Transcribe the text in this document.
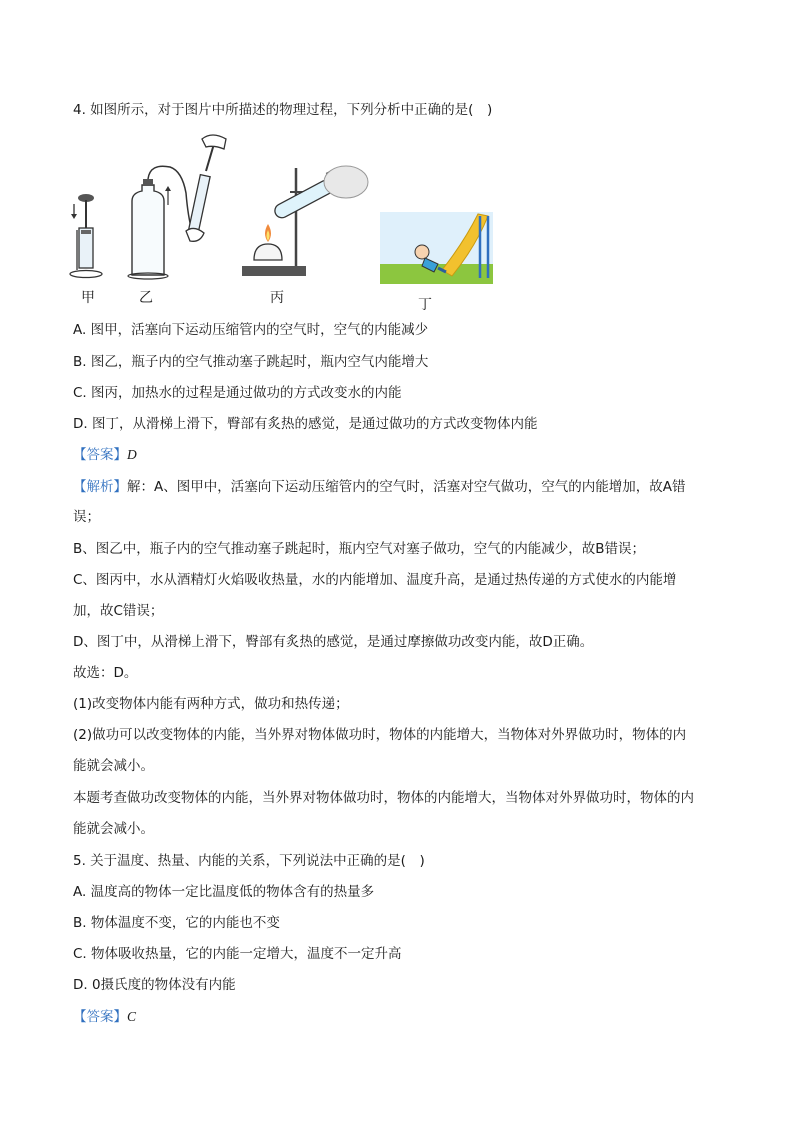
4. 如图所示，对于图片中所描述的物理过程，下列分析中正确的是(　)
甲	乙	丙	丁
A. 图甲，活塞向下运动压缩管内的空气时，空气的内能减少
B. 图乙，瓶子内的空气推动塞子跳起时，瓶内空气内能增大
C. 图丙，加热水的过程是通过做功的方式改变水的内能
D. 图丁，从滑梯上滑下，臀部有炙热的感觉，是通过做功的方式改变物体内能
【答案】D
【解析】解：A、图甲中，活塞向下运动压缩管内的空气时，活塞对空气做功，空气的内能增加，故A错
误；
B、图乙中，瓶子内的空气推动塞子跳起时，瓶内空气对塞子做功，空气的内能减少，故B错误；
C、图丙中，水从酒精灯火焰吸收热量，水的内能增加、温度升高，是通过热传递的方式使水的内能增
加，故C错误；
D、图丁中，从滑梯上滑下，臀部有炙热的感觉，是通过摩擦做功改变内能，故D正确。
故选：D。
(1)改变物体内能有两种方式，做功和热传递；
(2)做功可以改变物体的内能，当外界对物体做功时，物体的内能增大，当物体对外界做功时，物体的内
能就会减小。
本题考查做功改变物体的内能，当外界对物体做功时，物体的内能增大，当物体对外界做功时，物体的内
能就会减小。
5. 关于温度、热量、内能的关系，下列说法中正确的是(　)
A. 温度高的物体一定比温度低的物体含有的热量多
B. 物体温度不变，它的内能也不变
C. 物体吸收热量，它的内能一定增大，温度不一定升高
D. 0摄氏度的物体没有内能
【答案】C
